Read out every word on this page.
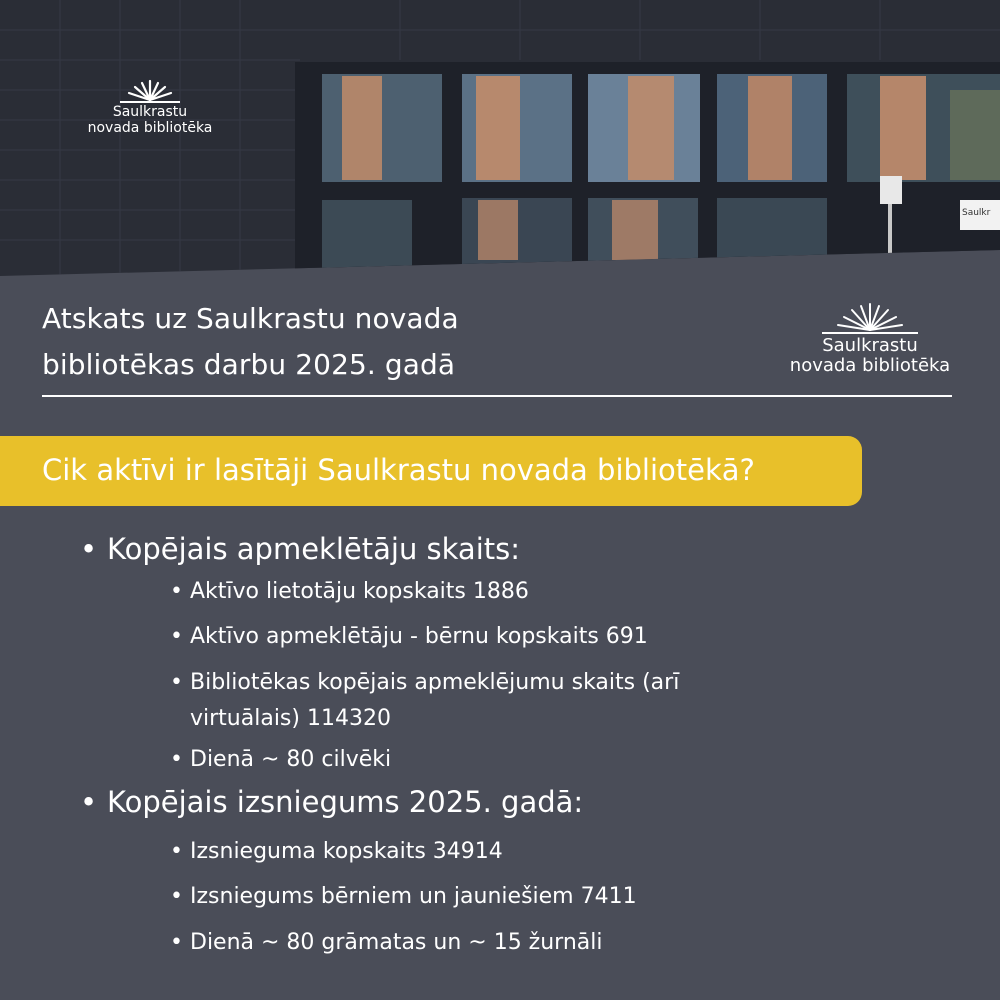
Saulkrastu
novada bibliotēka
Saulkr
Atskats uz Saulkrastu novada
bibliotēkas darbu 2025. gadā
Saulkrastu
novada bibliotēka
Cik aktīvi ir lasītāji Saulkrastu novada bibliotēkā?
• Kopējais apmeklētāju skaits:
• Aktīvo lietotāju kopskaits 1886
• Aktīvo apmeklētāju - bērnu kopskaits 691
• Bibliotēkas kopējais apmeklējumu skaits (arī virtuālais) 114320
• Dienā ~ 80 cilvēki
• Kopējais izsniegums 2025. gadā:
• Izsnieguma kopskaits 34914
• Izsniegums bērniem un jauniešiem 7411
• Dienā ~ 80 grāmatas un ~ 15 žurnāli
